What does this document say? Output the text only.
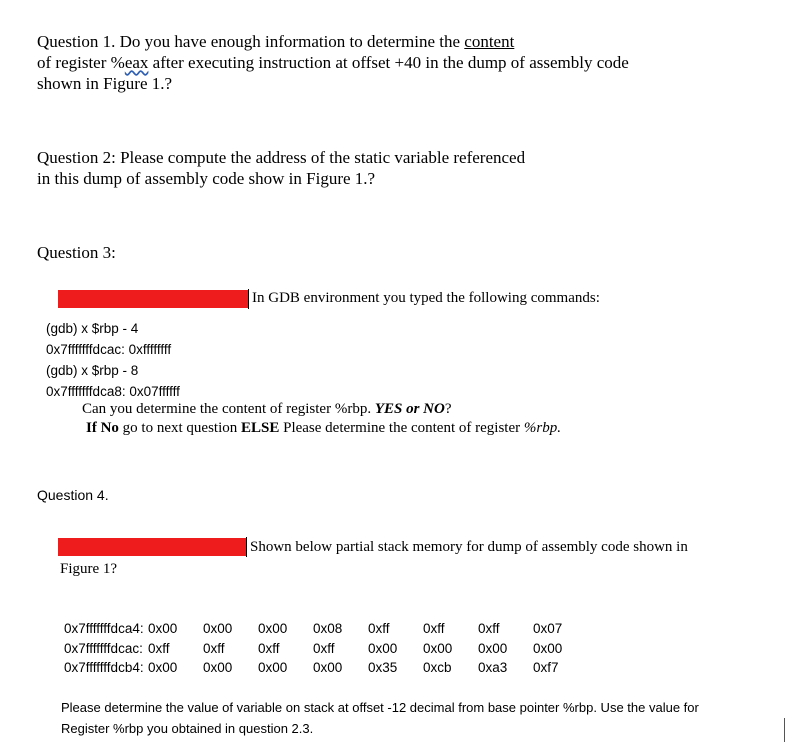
Question 1. Do you have enough information to determine the content
of register %eax after executing instruction at offset +40 in the dump of assembly code
shown in Figure 1.?
Question 2: Please compute the address of the static variable referenced
in this dump of assembly code show in Figure 1.?
Question 3:
In GDB environment you typed the following commands:
(gdb) x $rbp - 4
0x7fffffffdcac: 0xffffffff
(gdb) x $rbp - 8
0x7fffffffdca8: 0x07ffffff
Can you determine the content of register %rbp. YES or NO?
If No go to next question ELSE Please determine the content of register %rbp.
Question 4.
Shown below partial stack memory for dump of assembly code shown in
Figure 1?
0x7fffffffdca4: 0x00	0x00	0x00	0x08	0xff	0xff	0xff	0x07
0x7fffffffdcac: 0xff	0xff	0xff	0xff	0x00	0x00	0x00	0x00
0x7fffffffdcb4: 0x00	0x00	0x00	0x00	0x35	0xcb	0xa3	0xf7
Please determine the value of variable on stack at offset -12 decimal from base pointer %rbp. Use the value for
Register %rbp you obtained in question 2.3.
